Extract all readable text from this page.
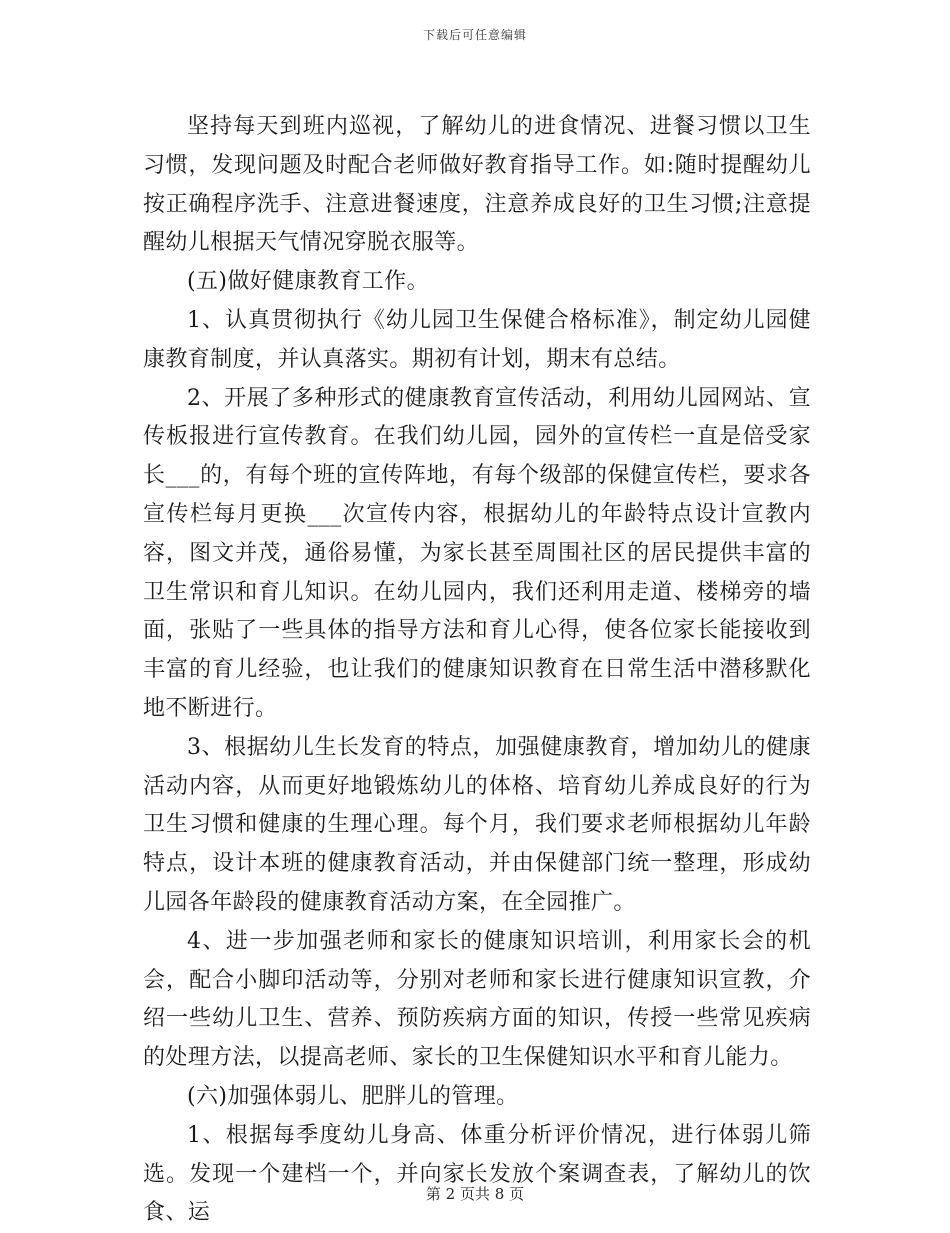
下载后可任意编辑

坚持每天到班内巡视，了解幼儿的进食情况、进餐习惯以卫生习惯，发现问题及时配合老师做好教育指导工作。如:随时提醒幼儿按正确程序洗手、注意进餐速度，注意养成良好的卫生习惯;注意提醒幼儿根据天气情况穿脱衣服等。

(五)做好健康教育工作。

1、认真贯彻执行《幼儿园卫生保健合格标准》，制定幼儿园健康教育制度，并认真落实。期初有计划，期末有总结。

2、开展了多种形式的健康教育宣传活动，利用幼儿园网站、宣传板报进行宣传教育。在我们幼儿园，园外的宣传栏一直是倍受家长___的，有每个班的宣传阵地，有每个级部的保健宣传栏，要求各宣传栏每月更换___次宣传内容，根据幼儿的年龄特点设计宣教内容，图文并茂，通俗易懂，为家长甚至周围社区的居民提供丰富的卫生常识和育儿知识。在幼儿园内，我们还利用走道、楼梯旁的墙面，张贴了一些具体的指导方法和育儿心得，使各位家长能接收到丰富的育儿经验，也让我们的健康知识教育在日常生活中潜移默化地不断进行。

3、根据幼儿生长发育的特点，加强健康教育，增加幼儿的健康活动内容，从而更好地锻炼幼儿的体格、培育幼儿养成良好的行为卫生习惯和健康的生理心理。每个月，我们要求老师根据幼儿年龄特点，设计本班的健康教育活动，并由保健部门统一整理，形成幼儿园各年龄段的健康教育活动方案，在全园推广。

4、进一步加强老师和家长的健康知识培训，利用家长会的机会，配合小脚印活动等，分别对老师和家长进行健康知识宣教，介绍一些幼儿卫生、营养、预防疾病方面的知识，传授一些常见疾病的处理方法，以提高老师、家长的卫生保健知识水平和育儿能力。

(六)加强体弱儿、肥胖儿的管理。

1、根据每季度幼儿身高、体重分析评价情况，进行体弱儿筛选。发现一个建档一个，并向家长发放个案调查表，了解幼儿的饮食、运

第 2 页共 8 页
